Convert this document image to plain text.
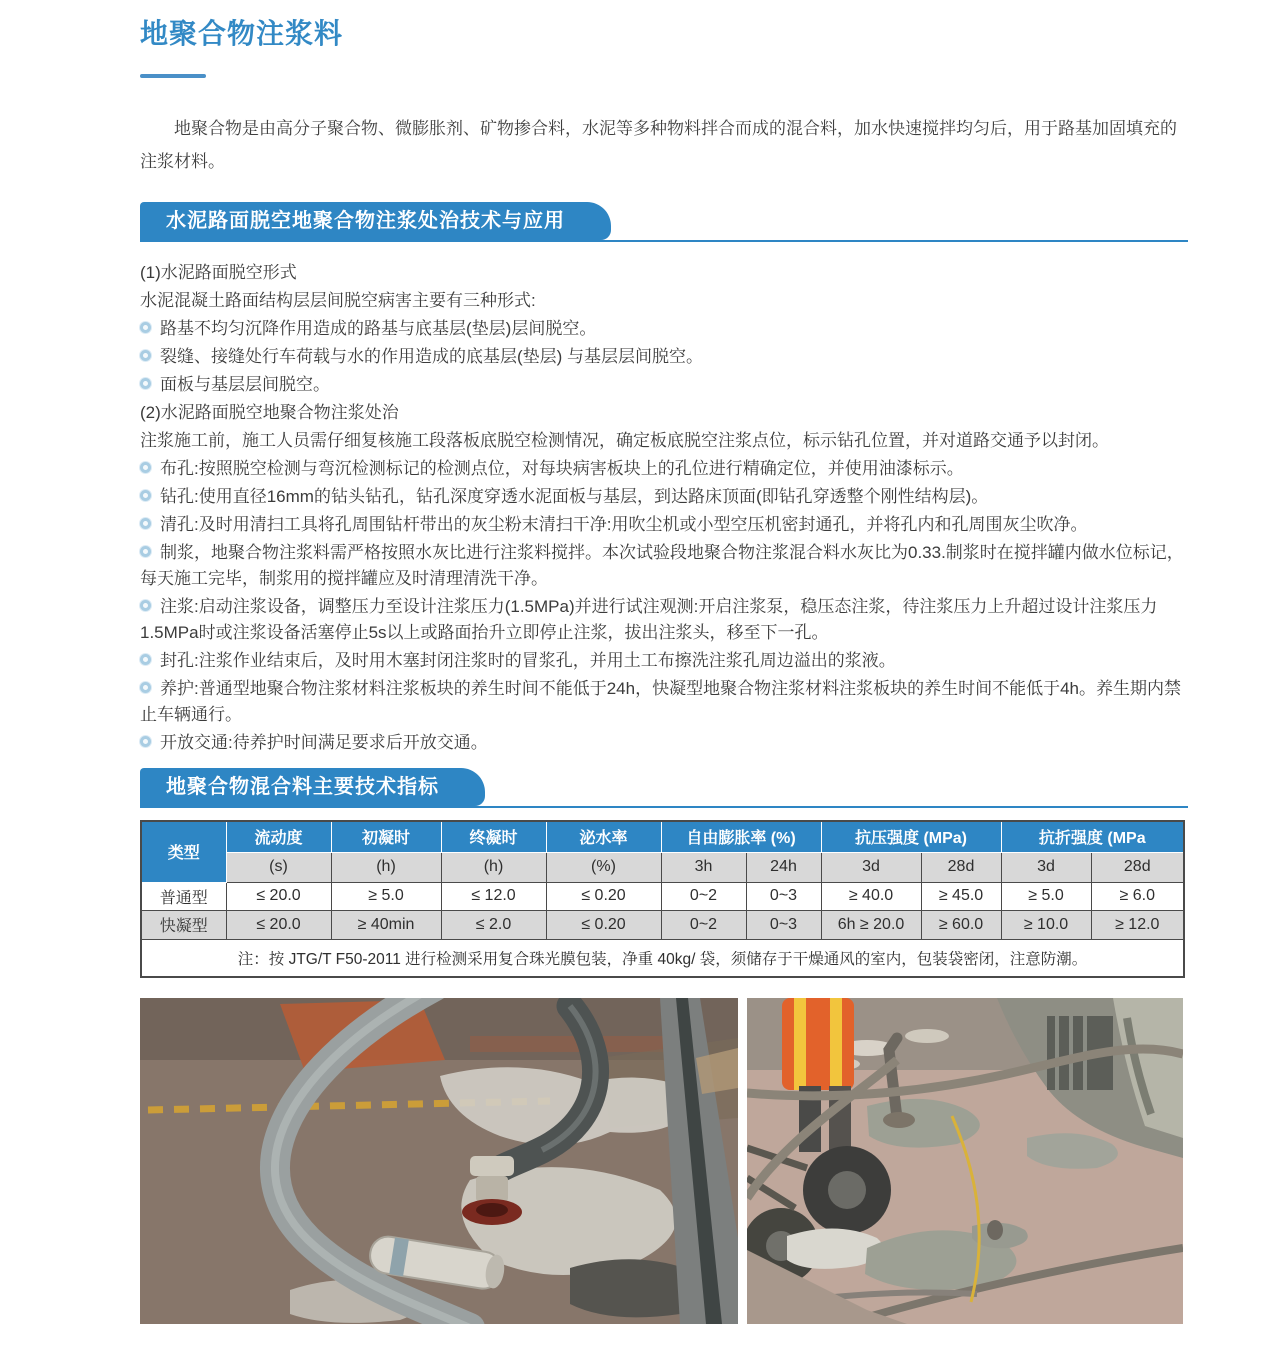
地聚合物注浆料

地聚合物是由高分子聚合物、微膨胀剂、矿物掺合料，水泥等多种物料拌合而成的混合料，加水快速搅拌均匀后，用于路基加固填充的注浆材料。

水泥路面脱空地聚合物注浆处治技术与应用

(1)水泥路面脱空形式

水泥混凝土路面结构层层间脱空病害主要有三种形式:

路基不均匀沉降作用造成的路基与底基层(垫层)层间脱空。

裂缝、接缝处行车荷载与水的作用造成的底基层(垫层) 与基层层间脱空。

面板与基层层间脱空。

(2)水泥路面脱空地聚合物注浆处治

注浆施工前，施工人员需仔细复核施工段落板底脱空检测情况，确定板底脱空注浆点位，标示钻孔位置，并对道路交通予以封闭。

布孔:按照脱空检测与弯沉检测标记的检测点位，对每块病害板块上的孔位进行精确定位，并使用油漆标示。

钻孔:使用直径16mm的钻头钻孔，钻孔深度穿透水泥面板与基层，到达路床顶面(即钻孔穿透整个刚性结构层)。

清孔:及时用清扫工具将孔周围钻杆带出的灰尘粉末清扫干净:用吹尘机或小型空压机密封通孔，并将孔内和孔周围灰尘吹净。

制浆，地聚合物注浆料需严格按照水灰比进行注浆料搅拌。本次试验段地聚合物注浆混合料水灰比为0.33.制浆时在搅拌罐内做水位标记，每天施工完毕，制浆用的搅拌罐应及时清理清洗干净。

注浆:启动注浆设备，调整压力至设计注浆压力(1.5MPa)并进行试注观测:开启注浆泵，稳压态注浆，待注浆压力上升超过设计注浆压力1.5MPa时或注浆设备活塞停止5s以上或路面抬升立即停止注浆，拔出注浆头，移至下一孔。

封孔:注浆作业结束后，及时用木塞封闭注浆时的冒浆孔，并用土工布擦洗注浆孔周边溢出的浆液。

养护:普通型地聚合物注浆材料注浆板块的养生时间不能低于24h，快凝型地聚合物注浆材料注浆板块的养生时间不能低于4h。养生期内禁止车辆通行。

开放交通:待养护时间满足要求后开放交通。

地聚合物混合料主要技术指标
类型	流动度	初凝时	终凝时	泌水率	自由膨胀率 (%)		抗压强度 (MPa)		抗折强度 (MPa	
	(s)	(h)	(h)	(%)	3h	24h	3d	28d	3d	28d
普通型	≤ 20.0	≥ 5.0	≤ 12.0	≤ 0.20	0~2	0~3	≥ 40.0	≥ 45.0	≥ 5.0	≥ 6.0
快凝型	≤ 20.0	≥ 40min	≤ 2.0	≤ 0.20	0~2	0~3	6h ≥ 20.0	≥ 60.0	≥ 10.0	≥ 12.0
注：按 JTG/T F50-2011 进行检测采用复合珠光膜包装，净重 40kg/ 袋，须储存于干燥通风的室内，包装袋密闭，注意防潮。										
